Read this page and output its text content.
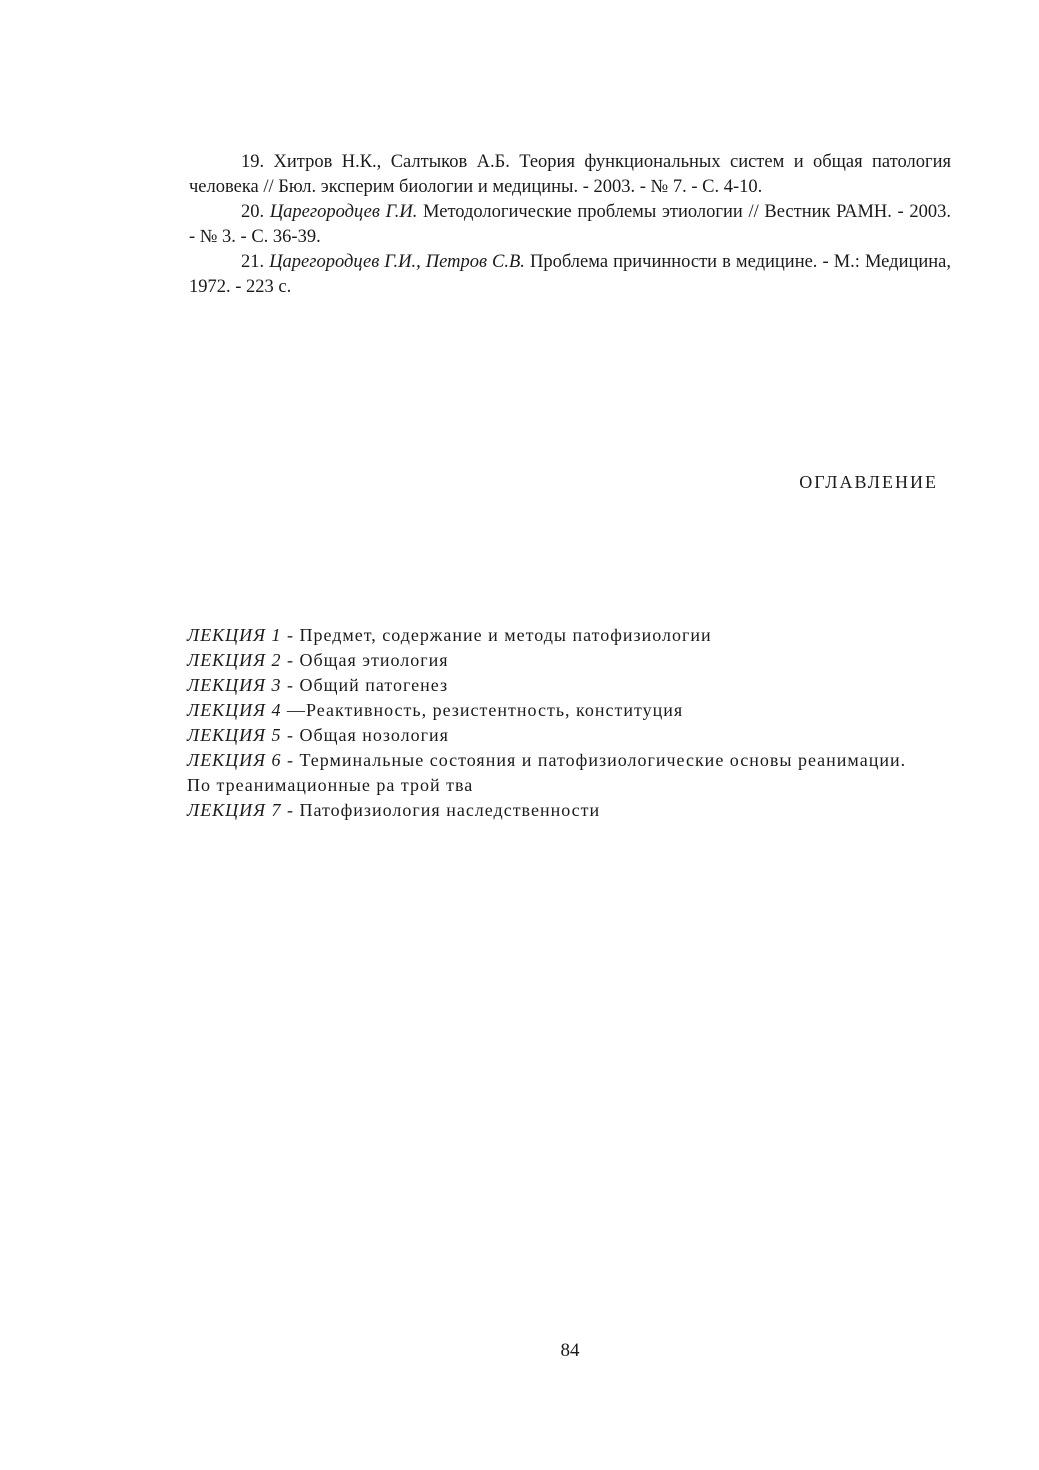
19. Хитров Н.К., Салтыков А.Б. Теория функциональных систем и общая патология человека // Бюл. эксперим биологии и медицины. - 2003. - № 7. - С. 4-10.

20. Царегородцев Г.И. Методологические проблемы этиологии // Вестник РАМН. - 2003. - № 3. - С. 36-39.

21. Царегородцев Г.И., Петров С.В. Проблема причинности в медицине. - М.: Медицина, 1972. - 223 с.

ОГЛАВЛЕНИЕ
ЛЕКЦИЯ 1 - Предмет, содержание и методы патофизиологии
ЛЕКЦИЯ 2 - Общая этиология
ЛЕКЦИЯ 3 - Общий патогенез
ЛЕКЦИЯ 4 —Реактивность, резистентность, конституция
ЛЕКЦИЯ 5 - Общая нозология
ЛЕКЦИЯ 6 - Терминальные состояния и патофизиологические основы реанимации. По треанимационные ра трой тва
ЛЕКЦИЯ 7 - Патофизиология наследственности

84
